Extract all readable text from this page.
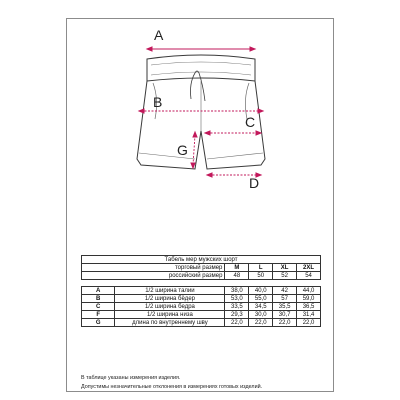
A
B
C
G
D
Табель мер мужских шорт					
торговый размер		M	L	XL	2XL
российский размер		48	50	52	54

A	1/2 ширина талии	38,0	40,0	42	44,0
B	1/2 ширина бёдер	53,0	55,0	57	59,0
C	1/2 ширина бедра	33,5	34,5	35,5	36,5
F	1/2 ширина низа	29,3	30,0	30,7	31,4
G	длина по внутреннему шву	22,0	22,0	22,0	22,0
В таблице указаны измерения изделия.
Допустимы незначительные отклонения в измерениях готовых изделий.
